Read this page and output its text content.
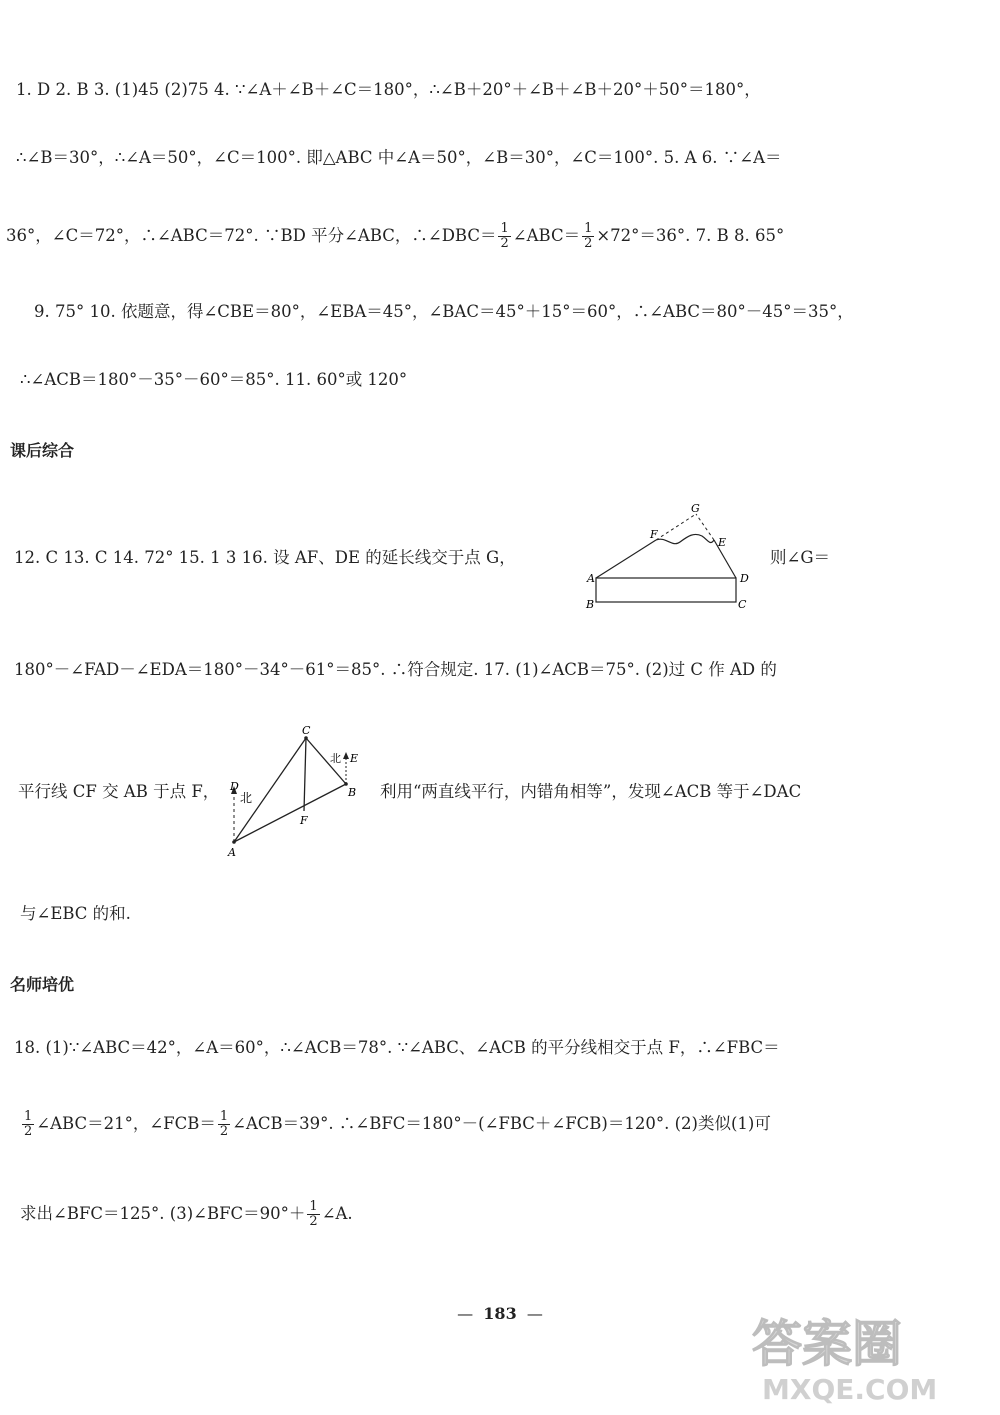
1. D 2. B 3. (1)45 (2)75 4. ∵∠A＋∠B＋∠C＝180°，∴∠B＋20°＋∠B＋∠B＋20°＋50°＝180°，
∴∠B＝30°，∴∠A＝50°，∠C＝100°. 即△ABC 中∠A＝50°，∠B＝30°，∠C＝100°. 5. A 6. ∵∠A＝
36°，∠C＝72°，∴∠ABC＝72°. ∵BD 平分∠ABC，∴∠DBC＝ $\frac{1}{2}$ ∠ABC＝ $\frac{1}{2} \times 72^\circ=36^\circ$. 7. B 8. 65°
9. 75° 10. 依题意，得∠CBE＝80°，∠EBA＝45°，∠BAC＝45°＋15°＝60°，∴∠ABC＝80°－45°＝35°，
∴∠ACB＝180°－35°－60°＝85°. 11. 60°或 120°
课后综合
12. C 13. C 14. 72° 15. 1 3 16. 设 AF、DE 的延长线交于点 G，
G
F
E
A	D
B	C
则∠G＝
180°－∠FAD－∠EDA＝180°－34°－61°＝85°. ∴符合规定. 17. (1)∠ACB＝75°. (2)过 C 作 AD 的
C
北 E
D
北	B
F
A
平行线 CF 交 AB 于点 F，	利用“两直线平行，内错角相等”，发现∠ACB 等于∠DAC
与∠EBC 的和.
名师培优
18. (1)∵∠ABC＝42°，∠A＝60°，∴∠ACB＝78°. ∵∠ABC、∠ACB 的平分线相交于点 F，∴∠FBC＝
$\frac{1}{2}$ ∠ABC＝21°，∠FCB＝ $\frac{1}{2}$ ∠ACB＝39°. ∴∠BFC＝180°－(∠FBC＋∠FCB)＝120°. (2)类似(1)可
求出∠BFC＝125°. (3)∠BFC＝90°＋ $\frac{1}{2}$ ∠A.
—  183  —
答案圈
MXQE.COM
